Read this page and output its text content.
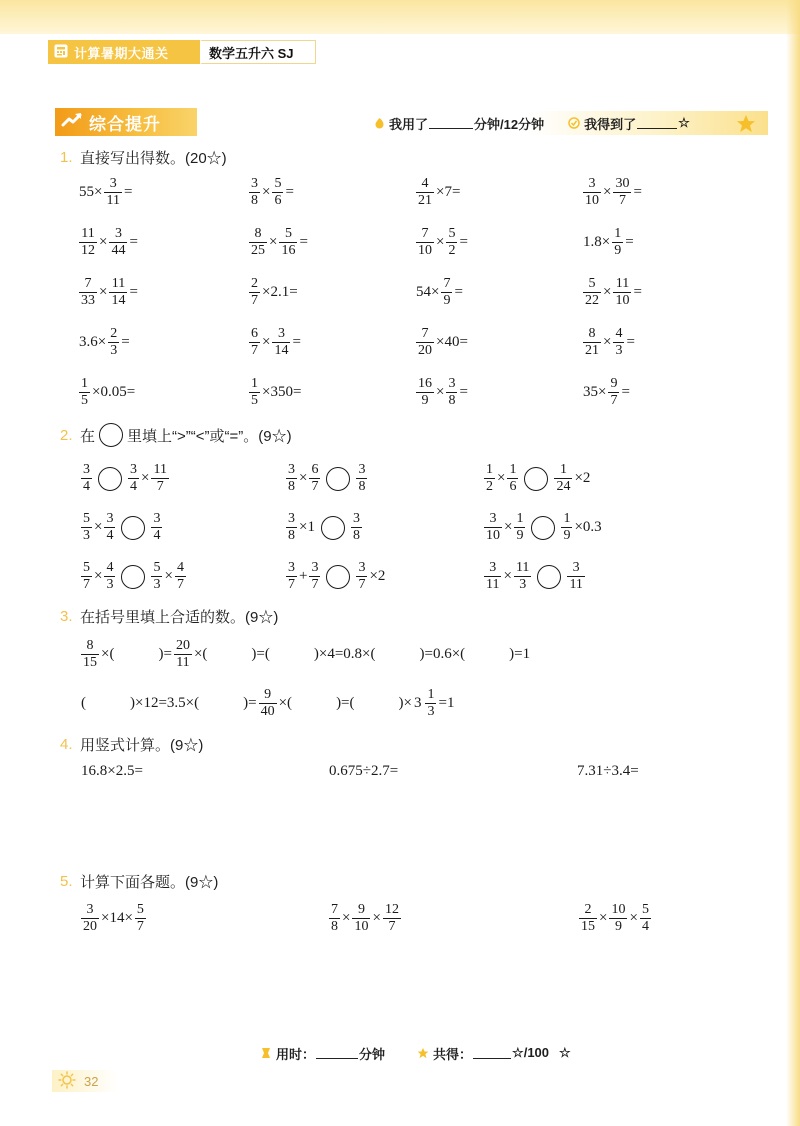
计算暑期大通关	数学五升六 SJ
综合提升	我用了	分钟/12分钟	我得到了	☆
1. 直接写出得数。(20☆)
$55\times \frac{3}{11}$ =	$\frac{3}{8} \times \frac{5}{6}$ =	$\frac{4}{21} \times 7=$	$\frac{3}{10} \times \frac{30}{7}$ =
$\frac{11}{12} \times \frac{3}{44}$ =	$\frac{8}{25} \times \frac{5}{16}$ =	$\frac{7}{10} \times \frac{5}{2}$ =	$1.8\times \frac{1}{9}$ =
$\frac{7}{33} \times \frac{11}{14}$ =	$\frac{2}{7} \times 2.1=$	$54\times \frac{7}{9}$ =	$\frac{5}{22} \times \frac{11}{10}$ =
$3.6\times \frac{2}{3}$ =	$\frac{6}{7} \times \frac{3}{14}$ =	$\frac{7}{20} \times 40=$	$\frac{8}{21} \times \frac{4}{3}$ =
$\frac{1}{5} \times 0.05=$	$\frac{1}{5} \times 350=$	$\frac{16}{9} \times \frac{3}{8}$ =	$35\times \frac{9}{7}$ =
2. 在 里填上“>”“<”或“=”。(9☆)
$\frac{3}{4}$	$\frac{3}{4} \times \frac{11}{7}$	$\frac{3}{8} \times \frac{6}{7}$	$\frac{3}{8}$	$\frac{1}{2} \times \frac{1}{6}$	$\frac{1}{24} \times 2$
$\frac{5}{3} \times \frac{3}{4}$	$\frac{3}{4}$	$\frac{3}{8} \times 1$	$\frac{3}{8}$	$\frac{3}{10} \times \frac{1}{9}$	$\frac{1}{9} \times 0.3$
$\frac{5}{7} \times \frac{4}{3}$	$\frac{5}{3} \times \frac{4}{7}$	$\frac{3}{7} + \frac{3}{7}$	$\frac{3}{7} \times 2$	$\frac{3}{11} \times \frac{11}{3}$	$\frac{3}{11}$
3. 在括号里填上合适的数。(9☆)
$\frac{8}{15}$ ×(	)= $\frac{20}{11}$ ×(	)=(	)×4=0.8×(	)=0.6×(	)=1
(	)×12=3.5×(	)= $\frac{9}{40}$ ×(	)=(	)× $3 \frac{1}{3} =1$
4. 用竖式计算。(9☆)
16.8×2.5=	0.675÷2.7=	7.31÷3.4=
5. 计算下面各题。(9☆)
$\frac{3}{20} \times 14\times \frac{5}{7}$	$\frac{7}{8} \times \frac{9}{10} \times \frac{12}{7}$	$\frac{2}{15} \times \frac{10}{9} \times \frac{5}{4}$
用时：	分钟	共得：	☆/100 ☆
32
